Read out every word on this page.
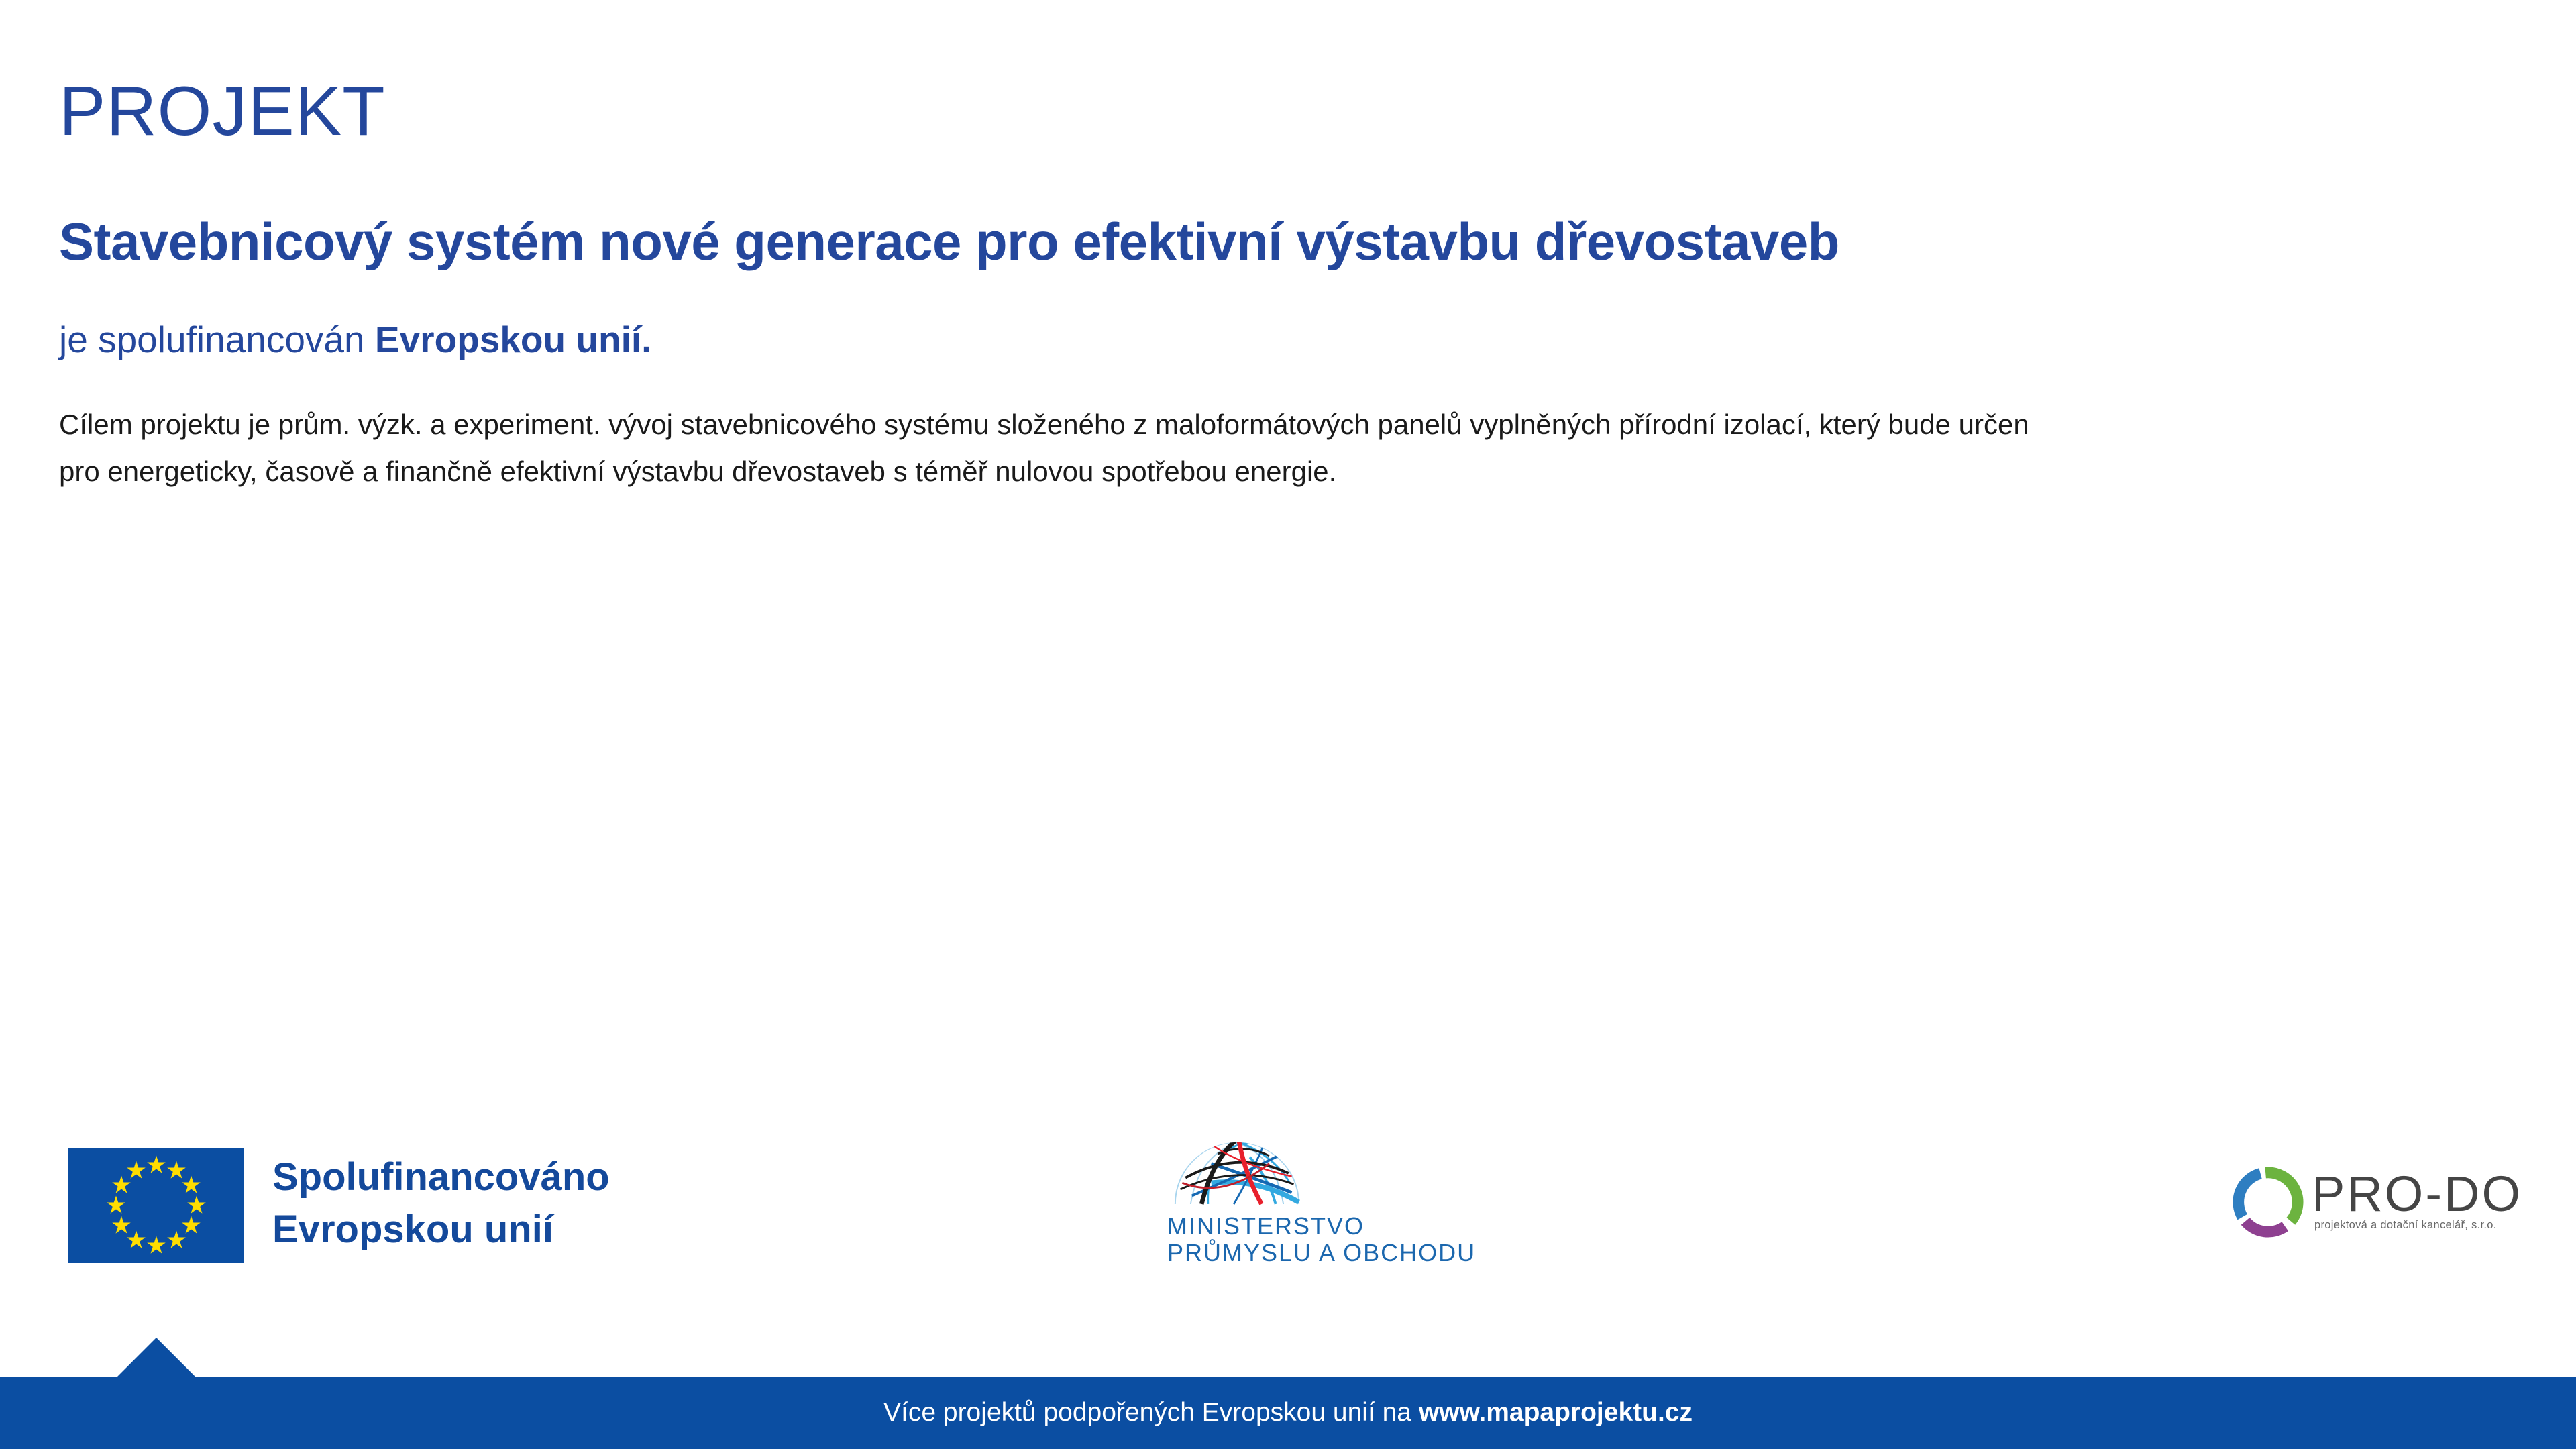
PROJEKT
Stavebnicový systém nové generace pro efektivní výstavbu dřevostaveb

je spolufinancován Evropskou unií.

Cílem projektu je prům. výzk. a experiment. vývoj stavebnicového systému složeného z maloformátových panelů vyplněných přírodní izolací, který bude určen
pro energeticky, časově a finančně efektivní výstavbu dřevostaveb s téměř nulovou spotřebou energie.

Spolufinancováno
Evropskou unií	MINISTERSTVO
PRŮMYSLU A OBCHODU
PRO-DO
projektová a dotační kancelář, s.r.o.

Více projektů podpořených Evropskou unií na www.mapaprojektu.cz
